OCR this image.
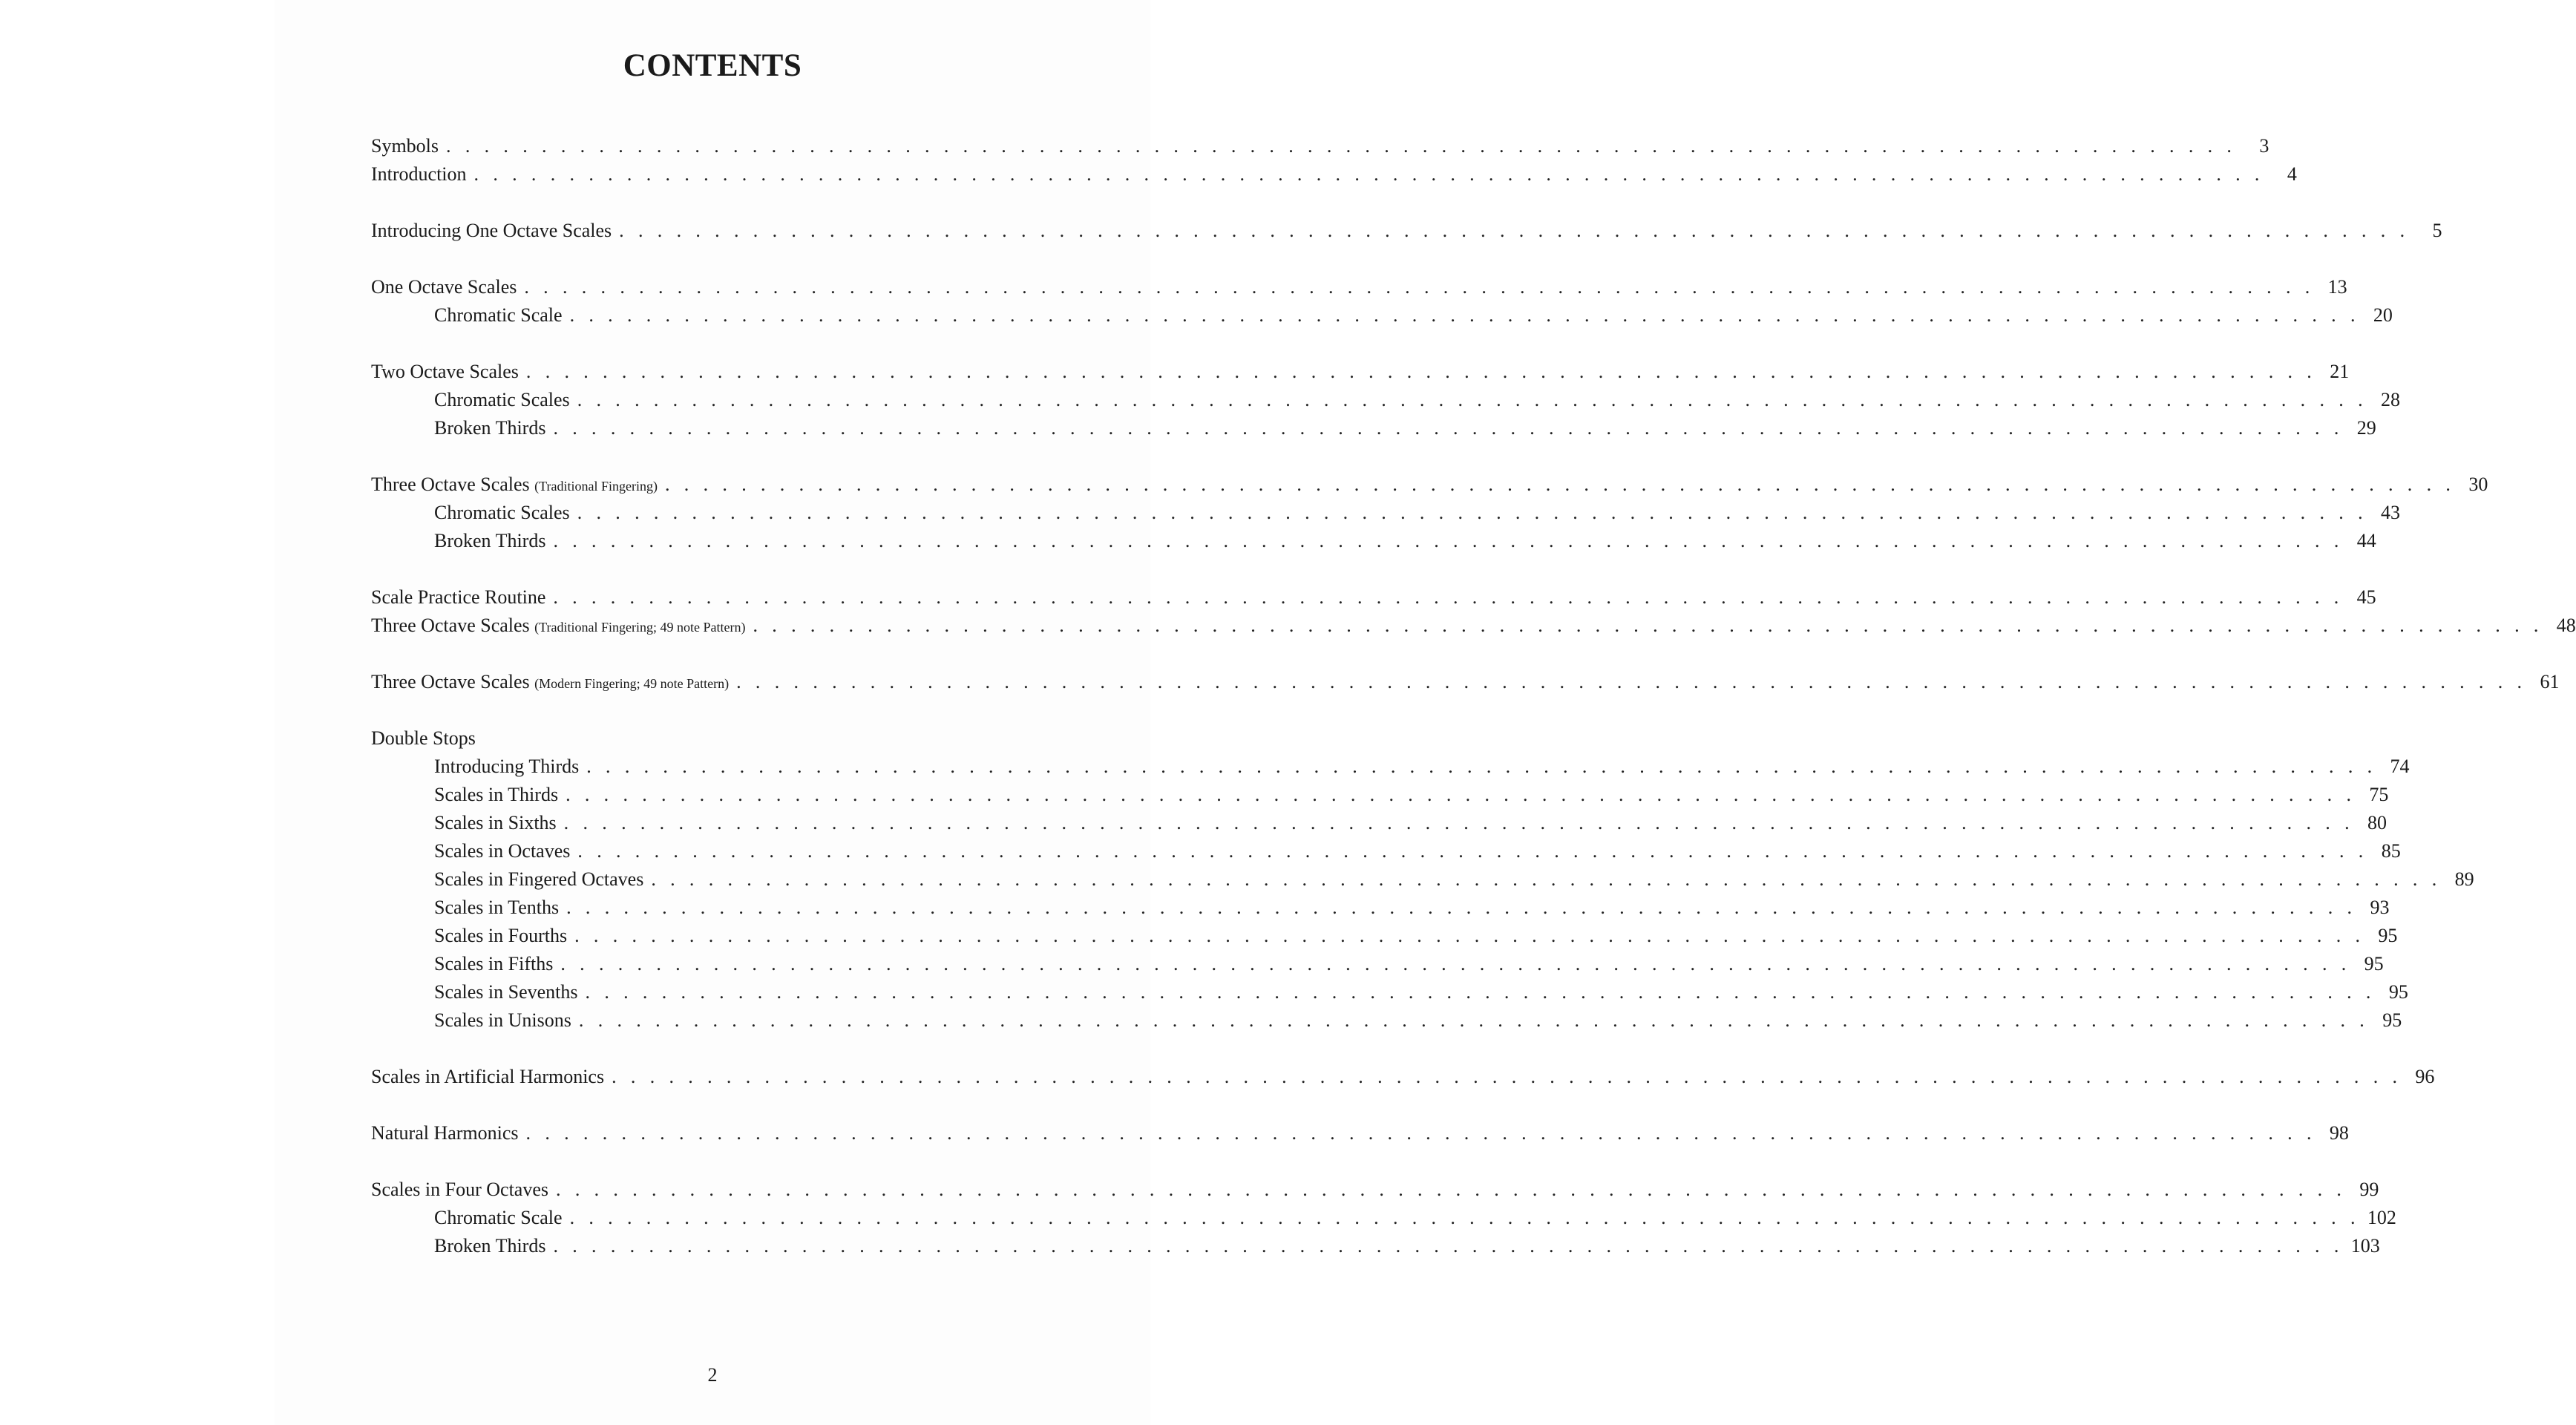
CONTENTS
Symbols . . . . . . . . . . . . . . . . . . . . . . . . . . . . . . . . . . . . . . . . . . . . . . . . . . . . . . . . . . . . . . . . . . . . . . . . . . . . . . . . . . . . . . . . . . . . . .	3
Introduction . . . . . . . . . . . . . . . . . . . . . . . . . . . . . . . . . . . . . . . . . . . . . . . . . . . . . . . . . . . . . . . . . . . . . . . . . . . . . . . . . . . . . . . . . . . . . .	4
Introducing One Octave Scales . . . . . . . . . . . . . . . . . . . . . . . . . . . . . . . . . . . . . . . . . . . . . . . . . . . . . . . . . . . . . . . . . . . . . . . . . . . . . . . . . . . . . . . . . . . . . .	5
One Octave Scales . . . . . . . . . . . . . . . . . . . . . . . . . . . . . . . . . . . . . . . . . . . . . . . . . . . . . . . . . . . . . . . . . . . . . . . . . . . . . . . . . . . . . . . . . . . . . . 13
Chromatic Scale . . . . . . . . . . . . . . . . . . . . . . . . . . . . . . . . . . . . . . . . . . . . . . . . . . . . . . . . . . . . . . . . . . . . . . . . . . . . . . . . . . . . . . . . . . . . . . 20
Two Octave Scales . . . . . . . . . . . . . . . . . . . . . . . . . . . . . . . . . . . . . . . . . . . . . . . . . . . . . . . . . . . . . . . . . . . . . . . . . . . . . . . . . . . . . . . . . . . . . . 21
Chromatic Scales . . . . . . . . . . . . . . . . . . . . . . . . . . . . . . . . . . . . . . . . . . . . . . . . . . . . . . . . . . . . . . . . . . . . . . . . . . . . . . . . . . . . . . . . . . . . . . 28
Broken Thirds . . . . . . . . . . . . . . . . . . . . . . . . . . . . . . . . . . . . . . . . . . . . . . . . . . . . . . . . . . . . . . . . . . . . . . . . . . . . . . . . . . . . . . . . . . . . . . 29
Three Octave Scales (Traditional Fingering) . . . . . . . . . . . . . . . . . . . . . . . . . . . . . . . . . . . . . . . . . . . . . . . . . . . . . . . . . . . . . . . . . . . . . . . . . . . . . . . . . . . . . . . . . . . . . . 30
Chromatic Scales . . . . . . . . . . . . . . . . . . . . . . . . . . . . . . . . . . . . . . . . . . . . . . . . . . . . . . . . . . . . . . . . . . . . . . . . . . . . . . . . . . . . . . . . . . . . . . 43
Broken Thirds . . . . . . . . . . . . . . . . . . . . . . . . . . . . . . . . . . . . . . . . . . . . . . . . . . . . . . . . . . . . . . . . . . . . . . . . . . . . . . . . . . . . . . . . . . . . . . 44
Scale Practice Routine . . . . . . . . . . . . . . . . . . . . . . . . . . . . . . . . . . . . . . . . . . . . . . . . . . . . . . . . . . . . . . . . . . . . . . . . . . . . . . . . . . . . . . . . . . . . . . 45
Three Octave Scales (Traditional Fingering; 49 note Pattern) . . . . . . . . . . . . . . . . . . . . . . . . . . . . . . . . . . . . . . . . . . . . . . . . . . . . . . . . . . . . . . . . . . . . . . . . . . . . . . . . . . . . . . . . . . . . . . 48
Three Octave Scales (Modern Fingering; 49 note Pattern) . . . . . . . . . . . . . . . . . . . . . . . . . . . . . . . . . . . . . . . . . . . . . . . . . . . . . . . . . . . . . . . . . . . . . . . . . . . . . . . . . . . . . . . . . . . . . . 61
Double Stops
Introducing Thirds . . . . . . . . . . . . . . . . . . . . . . . . . . . . . . . . . . . . . . . . . . . . . . . . . . . . . . . . . . . . . . . . . . . . . . . . . . . . . . . . . . . . . . . . . . . . . . 74
Scales in Thirds . . . . . . . . . . . . . . . . . . . . . . . . . . . . . . . . . . . . . . . . . . . . . . . . . . . . . . . . . . . . . . . . . . . . . . . . . . . . . . . . . . . . . . . . . . . . . . 75
Scales in Sixths . . . . . . . . . . . . . . . . . . . . . . . . . . . . . . . . . . . . . . . . . . . . . . . . . . . . . . . . . . . . . . . . . . . . . . . . . . . . . . . . . . . . . . . . . . . . . . 80
Scales in Octaves . . . . . . . . . . . . . . . . . . . . . . . . . . . . . . . . . . . . . . . . . . . . . . . . . . . . . . . . . . . . . . . . . . . . . . . . . . . . . . . . . . . . . . . . . . . . . . 85
Scales in Fingered Octaves . . . . . . . . . . . . . . . . . . . . . . . . . . . . . . . . . . . . . . . . . . . . . . . . . . . . . . . . . . . . . . . . . . . . . . . . . . . . . . . . . . . . . . . . . . . . . . 89
Scales in Tenths . . . . . . . . . . . . . . . . . . . . . . . . . . . . . . . . . . . . . . . . . . . . . . . . . . . . . . . . . . . . . . . . . . . . . . . . . . . . . . . . . . . . . . . . . . . . . . 93
Scales in Fourths . . . . . . . . . . . . . . . . . . . . . . . . . . . . . . . . . . . . . . . . . . . . . . . . . . . . . . . . . . . . . . . . . . . . . . . . . . . . . . . . . . . . . . . . . . . . . . 95
Scales in Fifths . . . . . . . . . . . . . . . . . . . . . . . . . . . . . . . . . . . . . . . . . . . . . . . . . . . . . . . . . . . . . . . . . . . . . . . . . . . . . . . . . . . . . . . . . . . . . . 95
Scales in Sevenths . . . . . . . . . . . . . . . . . . . . . . . . . . . . . . . . . . . . . . . . . . . . . . . . . . . . . . . . . . . . . . . . . . . . . . . . . . . . . . . . . . . . . . . . . . . . . . 95
Scales in Unisons . . . . . . . . . . . . . . . . . . . . . . . . . . . . . . . . . . . . . . . . . . . . . . . . . . . . . . . . . . . . . . . . . . . . . . . . . . . . . . . . . . . . . . . . . . . . . . 95
Scales in Artificial Harmonics . . . . . . . . . . . . . . . . . . . . . . . . . . . . . . . . . . . . . . . . . . . . . . . . . . . . . . . . . . . . . . . . . . . . . . . . . . . . . . . . . . . . . . . . . . . . . . 96
Natural Harmonics . . . . . . . . . . . . . . . . . . . . . . . . . . . . . . . . . . . . . . . . . . . . . . . . . . . . . . . . . . . . . . . . . . . . . . . . . . . . . . . . . . . . . . . . . . . . . . 98
Scales in Four Octaves . . . . . . . . . . . . . . . . . . . . . . . . . . . . . . . . . . . . . . . . . . . . . . . . . . . . . . . . . . . . . . . . . . . . . . . . . . . . . . . . . . . . . . . . . . . . . . 99
Chromatic Scale . . . . . . . . . . . . . . . . . . . . . . . . . . . . . . . . . . . . . . . . . . . . . . . . . . . . . . . . . . . . . . . . . . . . . . . . . . . . . . . . . . . . . . . . . . . . . . 102
Broken Thirds . . . . . . . . . . . . . . . . . . . . . . . . . . . . . . . . . . . . . . . . . . . . . . . . . . . . . . . . . . . . . . . . . . . . . . . . . . . . . . . . . . . . . . . . . . . . . . 103
2
